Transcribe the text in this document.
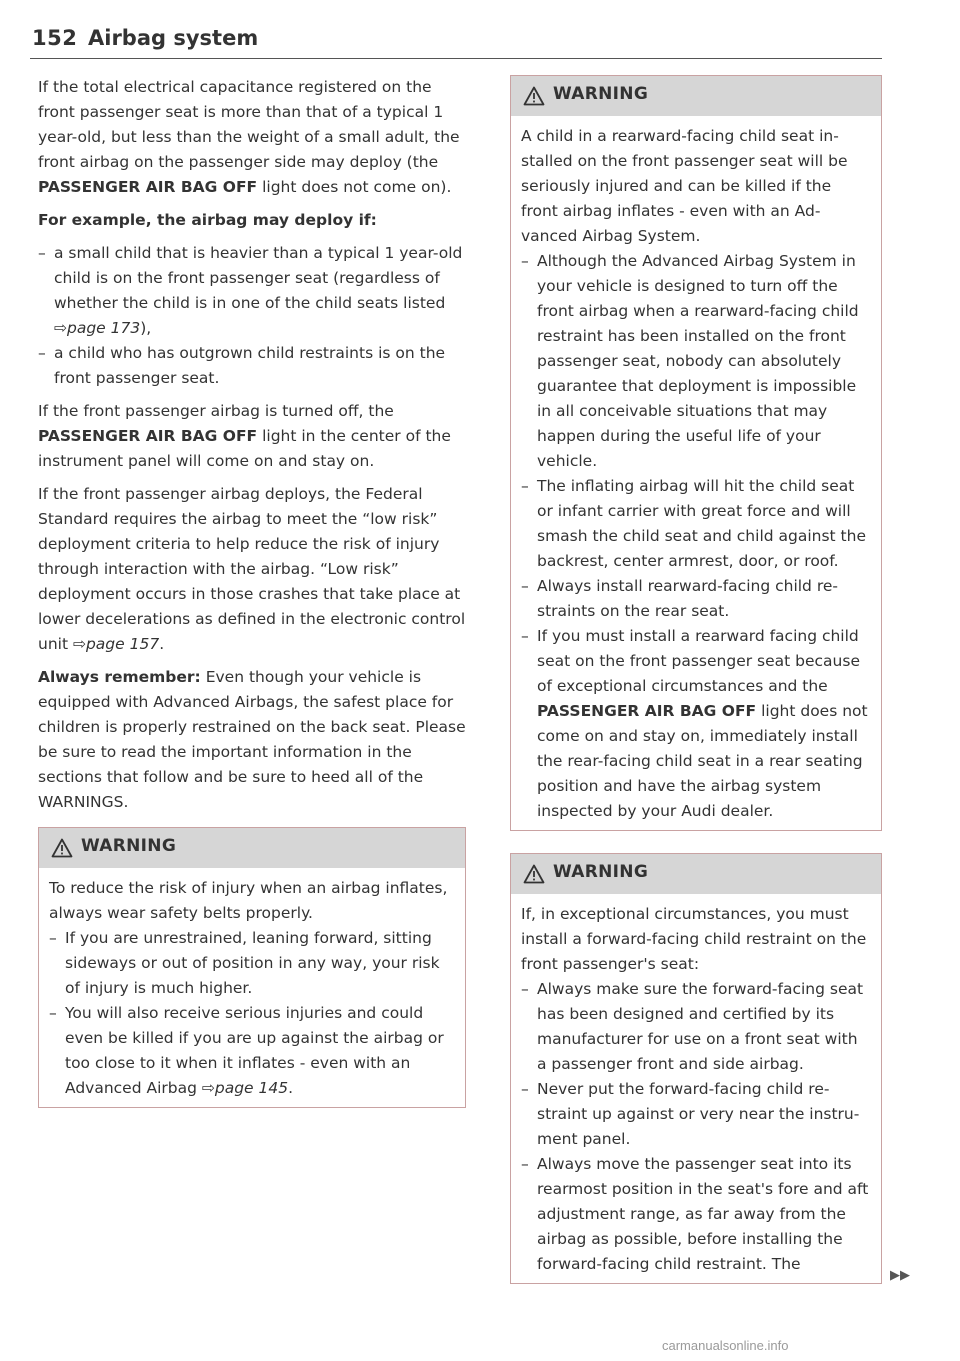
152 Airbag system

If the total electrical capacitance registered on the front passenger seat is more than that of a typical 1 year-old, but less than the weight of a small adult, the front airbag on the passenger side may deploy (the PASSENGER AIR BAG OFF light does not come on).

For example, the airbag may deploy if:

– a small child that is heavier than a typical 1 year-old child is on the front passenger seat (regardless of whether the child is in one of the child seats listed ⇨page 173),
– a child who has outgrown child restraints is on the front passenger seat.

If the front passenger airbag is turned off, the PASSENGER AIR BAG OFF light in the center of the instrument panel will come on and stay on.

If the front passenger airbag deploys, the Federal Standard requires the airbag to meet the “low risk” deployment criteria to help reduce the risk of injury through interaction with the airbag. “Low risk” deployment occurs in those crashes that take place at lower decelerations as defined in the electronic control unit ⇨page 157.

Always remember: Even though your vehicle is equipped with Advanced Airbags, the safest place for children is properly restrained on the back seat. Please be sure to read the important information in the sections that follow and be sure to heed all of the WARNINGS.

WARNING

To reduce the risk of injury when an airbag inflates, always wear safety belts properly.

– If you are unrestrained, leaning forward, sitting sideways or out of position in any way, your risk of injury is much higher.
– You will also receive serious injuries and could even be killed if you are up against the airbag or too close to it when it inflates - even with an Advanced Airbag ⇨page 145.
WARNING

A child in a rearward-facing child seat installed on the front passenger seat will be seriously injured and can be killed if the front airbag inflates - even with an Advanced Airbag System.

– Although the Advanced Airbag System in your vehicle is designed to turn off the front airbag when a rearward-facing child restraint has been installed on the front passenger seat, nobody can absolutely guarantee that deployment is impossible in all conceivable situations that may happen during the useful life of your vehicle.
– The inflating airbag will hit the child seat or infant carrier with great force and will smash the child seat and child against the backrest, center armrest, door, or roof.
– Always install rearward-facing child restraints on the rear seat.
– If you must install a rearward facing child seat on the front passenger seat because of exceptional circumstances and the PASSENGER AIR BAG OFF light does not come on and stay on, immediately install the rear-facing child seat in a rear seating position and have the airbag system inspected by your Audi dealer.
WARNING

If, in exceptional circumstances, you must install a forward-facing child restraint on the front passenger's seat:

– Always make sure the forward-facing seat has been designed and certified by its manufacturer for use on a front seat with a passenger front and side airbag.
– Never put the forward-facing child restraint up against or very near the instrument panel.
– Always move the passenger seat into its rearmost position in the seat's fore and aft adjustment range, as far away from the airbag as possible, before installing the forward-facing child restraint. The
▶▶
carmanualsonline.info
